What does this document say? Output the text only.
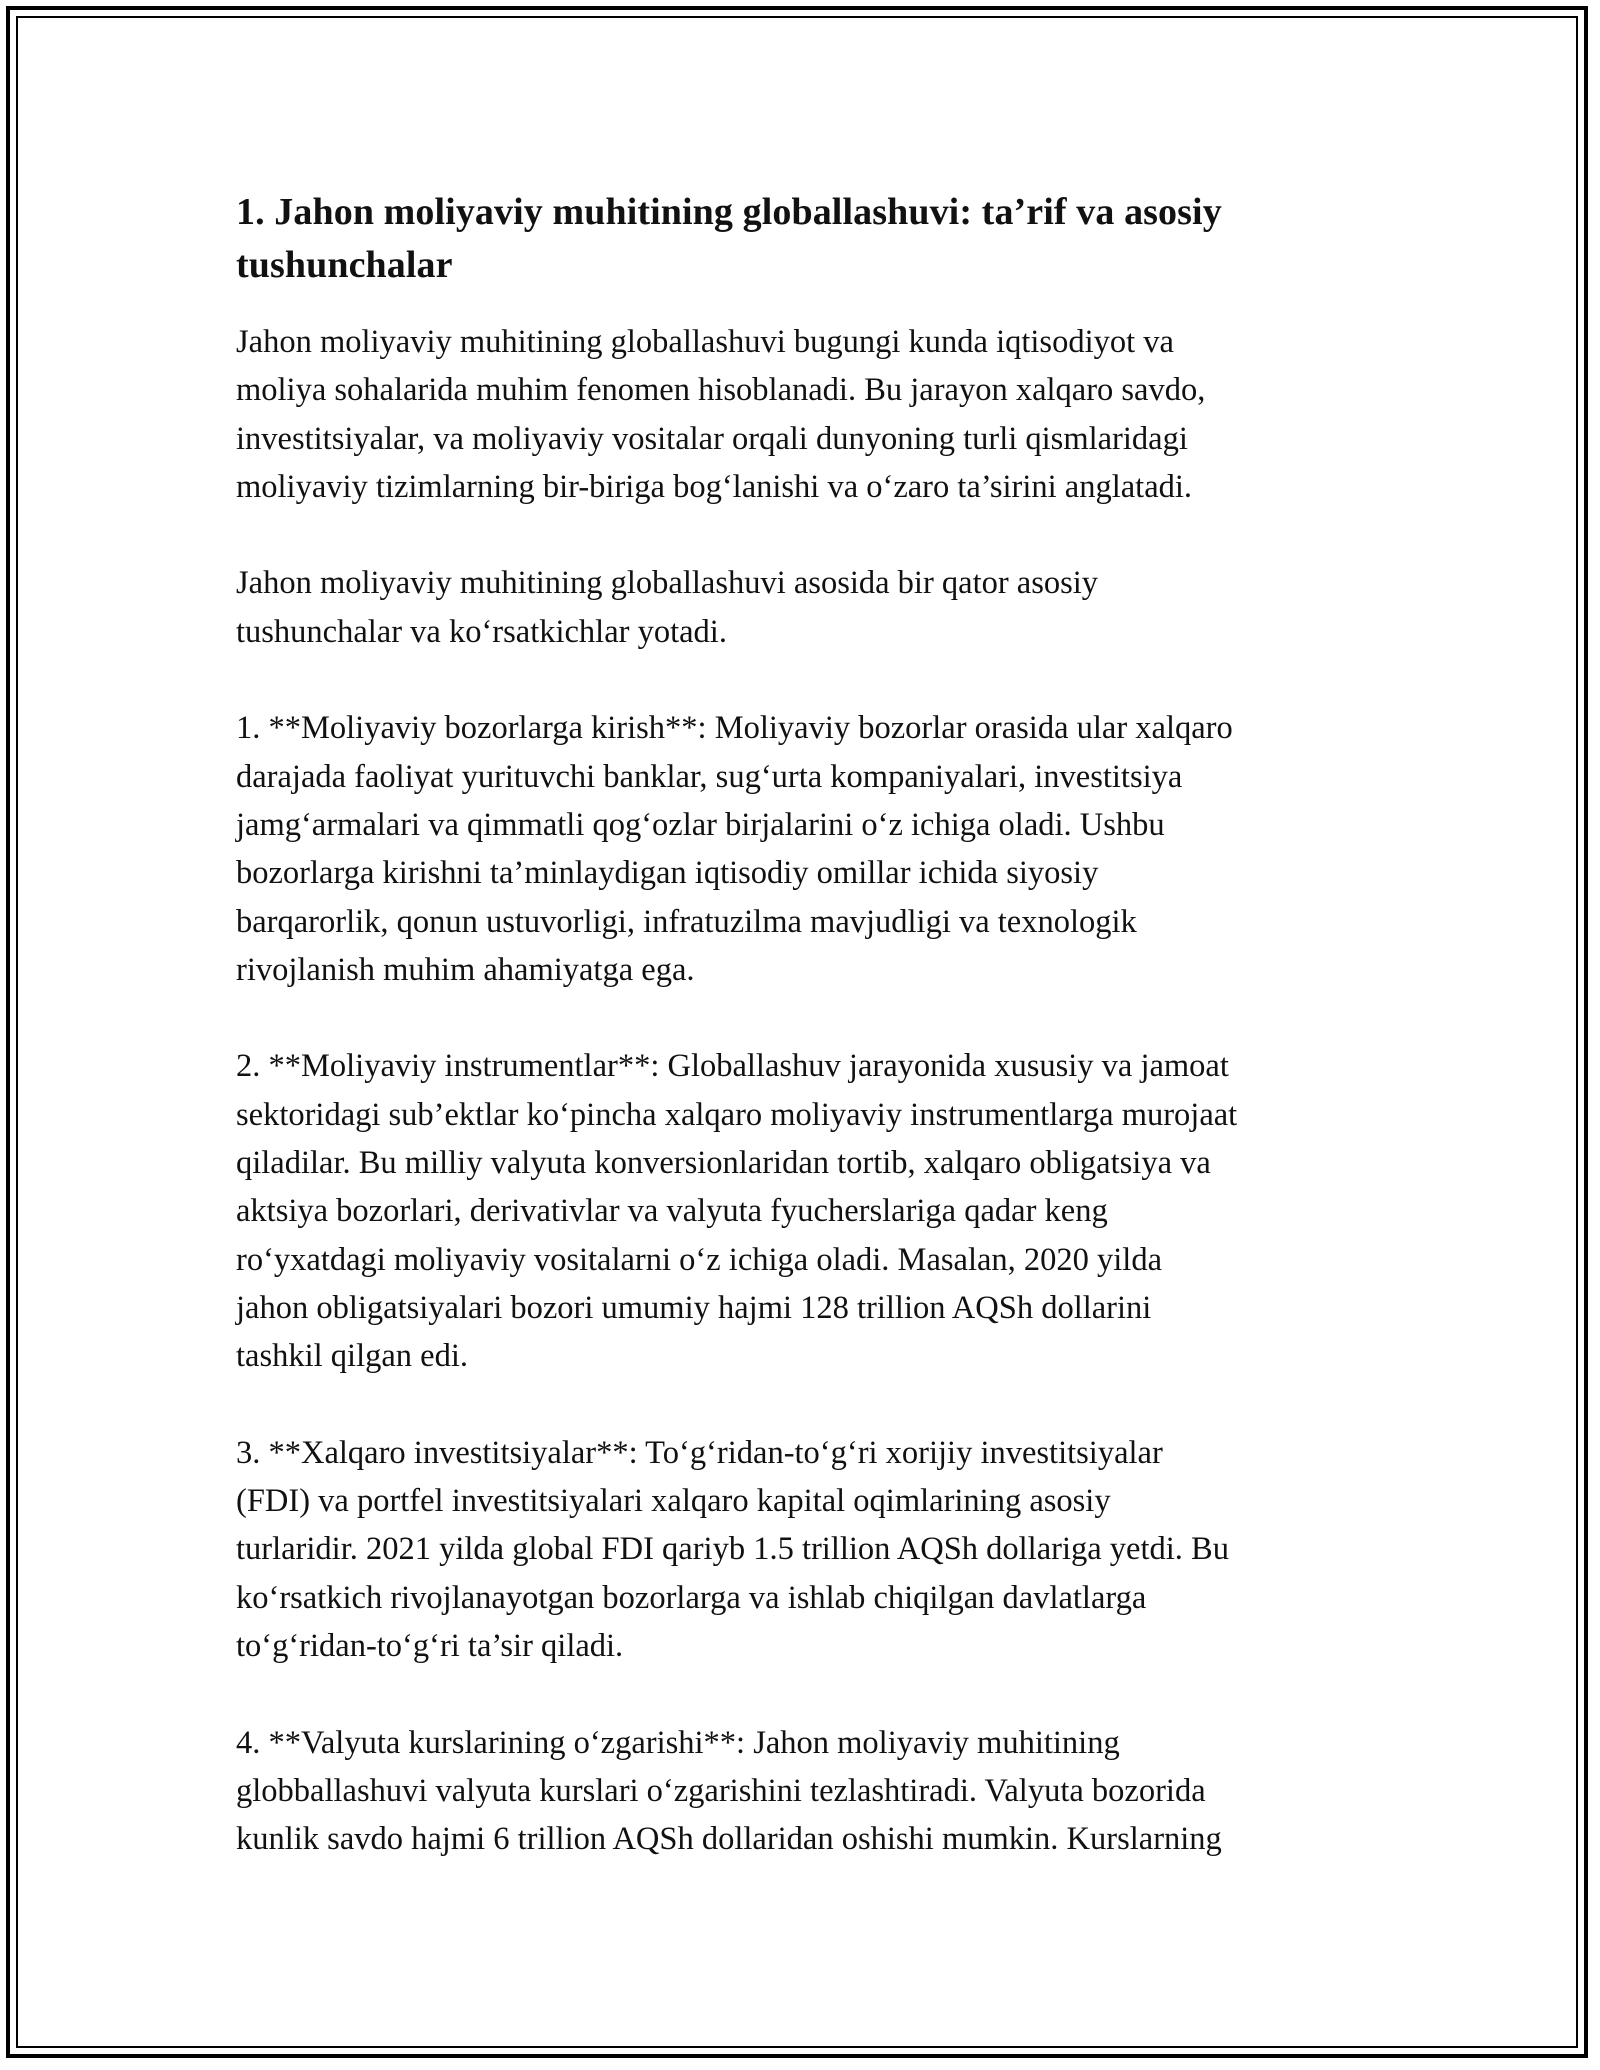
1. Jahon moliyaviy muhitining globallashuvi: ta’rif va asosiy tushunchalar

Jahon moliyaviy muhitining globallashuvi bugungi kunda iqtisodiyot va
moliya sohalarida muhim fenomen hisoblanadi. Bu jarayon xalqaro savdo,
investitsiyalar, va moliyaviy vositalar orqali dunyoning turli qismlaridagi
moliyaviy tizimlarning bir-biriga bog‘lanishi va o‘zaro ta’sirini anglatadi.

Jahon moliyaviy muhitining globallashuvi asosida bir qator asosiy
tushunchalar va ko‘rsatkichlar yotadi.

1. **Moliyaviy bozorlarga kirish**: Moliyaviy bozorlar orasida ular xalqaro
darajada faoliyat yurituvchi banklar, sug‘urta kompaniyalari, investitsiya
jamg‘armalari va qimmatli qog‘ozlar birjalarini o‘z ichiga oladi. Ushbu
bozorlarga kirishni ta’minlaydigan iqtisodiy omillar ichida siyosiy
barqarorlik, qonun ustuvorligi, infratuzilma mavjudligi va texnologik
rivojlanish muhim ahamiyatga ega.

2. **Moliyaviy instrumentlar**: Globallashuv jarayonida xususiy va jamoat
sektoridagi sub’ektlar ko‘pincha xalqaro moliyaviy instrumentlarga murojaat
qiladilar. Bu milliy valyuta konversionlaridan tortib, xalqaro obligatsiya va
aktsiya bozorlari, derivativlar va valyuta fyucherslariga qadar keng
ro‘yxatdagi moliyaviy vositalarni o‘z ichiga oladi. Masalan, 2020 yilda
jahon obligatsiyalari bozori umumiy hajmi 128 trillion AQSh dollarini
tashkil qilgan edi.

3. **Xalqaro investitsiyalar**: To‘g‘ridan-to‘g‘ri xorijiy investitsiyalar
(FDI) va portfel investitsiyalari xalqaro kapital oqimlarining asosiy
turlaridir. 2021 yilda global FDI qariyb 1.5 trillion AQSh dollariga yetdi. Bu
ko‘rsatkich rivojlanayotgan bozorlarga va ishlab chiqilgan davlatlarga
to‘g‘ridan-to‘g‘ri ta’sir qiladi.

4. **Valyuta kurslarining o‘zgarishi**: Jahon moliyaviy muhitining
globballashuvi valyuta kurslari o‘zgarishini tezlashtiradi. Valyuta bozorida
kunlik savdo hajmi 6 trillion AQSh dollaridan oshishi mumkin. Kurslarning
